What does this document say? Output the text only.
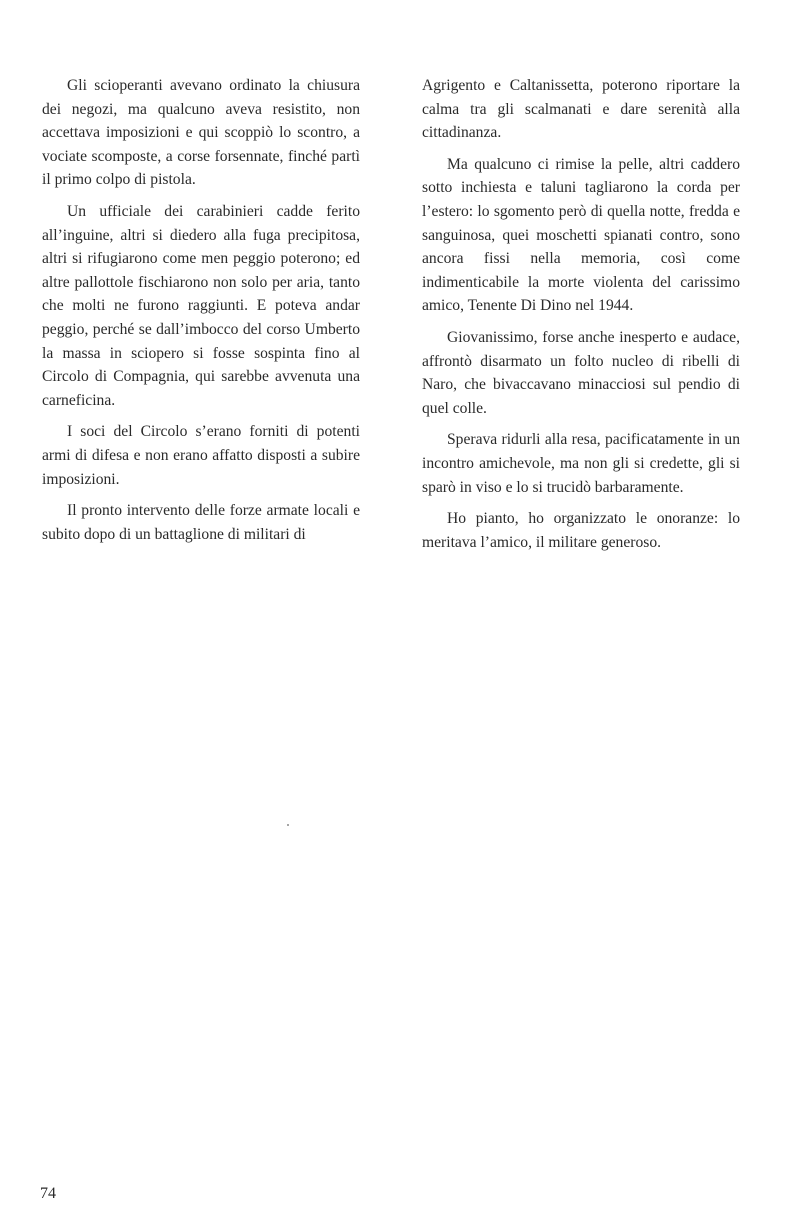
Gli scioperanti avevano ordinato la chiusura dei negozi, ma qualcuno aveva resistito, non accettava imposizioni e qui scoppiò lo scontro, a vociate scomposte, a corse forsennate, finché partì il primo colpo di pistola.

Un ufficiale dei carabinieri cadde ferito all’inguine, altri si diedero alla fuga precipitosa, altri si rifugiarono come men peggio poterono; ed altre pallottole fischiarono non solo per aria, tanto che molti ne furono raggiunti. E poteva andar peggio, perché se dall’imbocco del corso Umberto la massa in sciopero si fosse sospinta fino al Circolo di Compagnia, qui sarebbe avvenuta una carneficina.

I soci del Circolo s’erano forniti di potenti armi di difesa e non erano affatto disposti a subire imposizioni.

Il pronto intervento delle forze armate locali e subito dopo di un battaglione di militari di

Agrigento e Caltanissetta, poterono riportare la calma tra gli scalmanati e dare serenità alla cittadinanza.

Ma qualcuno ci rimise la pelle, altri caddero sotto inchiesta e taluni tagliarono la corda per l’estero: lo sgomento però di quella notte, fredda e sanguinosa, quei moschetti spianati contro, sono ancora fissi nella memoria, così come indimenticabile la morte violenta del carissimo amico, Tenente Di Dino nel 1944.

Giovanissimo, forse anche inesperto e audace, affrontò disarmato un folto nucleo di ribelli di Naro, che bivaccavano minacciosi sul pendio di quel colle.

Sperava ridurli alla resa, pacificatamente in un incontro amichevole, ma non gli si credette, gli si sparò in viso e lo si trucidò barbaramente.

Ho pianto, ho organizzato le onoranze: lo meritava l’amico, il militare generoso.

74
